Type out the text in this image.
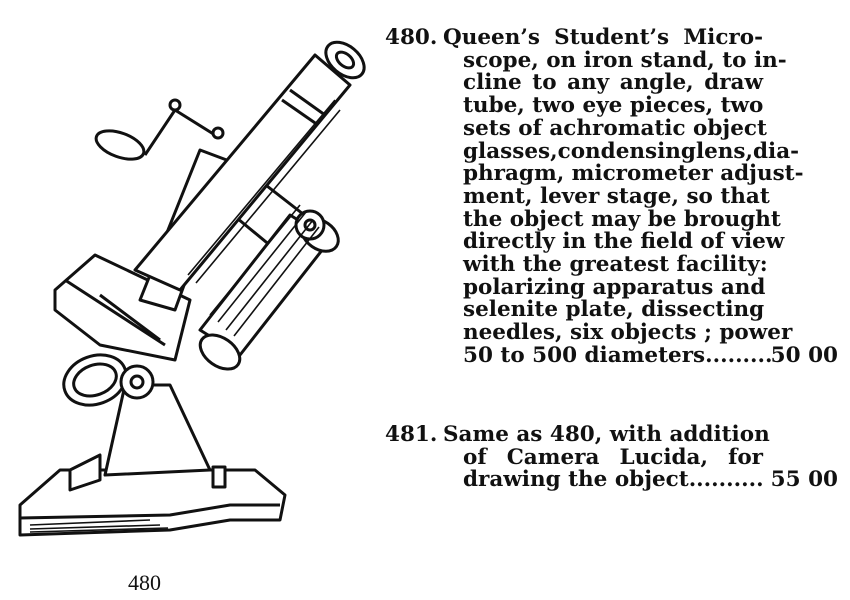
480
480. Queen’s Student’s Micro-
scope, on iron stand, to in-
cline to any angle, draw
tube, two eye pieces, two
sets of achromatic object
glasses,condensinglens,dia-
phragm, micrometer adjust-
ment, lever stage, so that
the object may be brought
directly in the field of view
with the greatest facility:
polarizing apparatus and
selenite plate, dissecting
needles, six objects ; power
50 to 500 diameters.........
50 00
481. Same as 480, with addition
of Camera Lucida, for
drawing the object.......... 55 00
